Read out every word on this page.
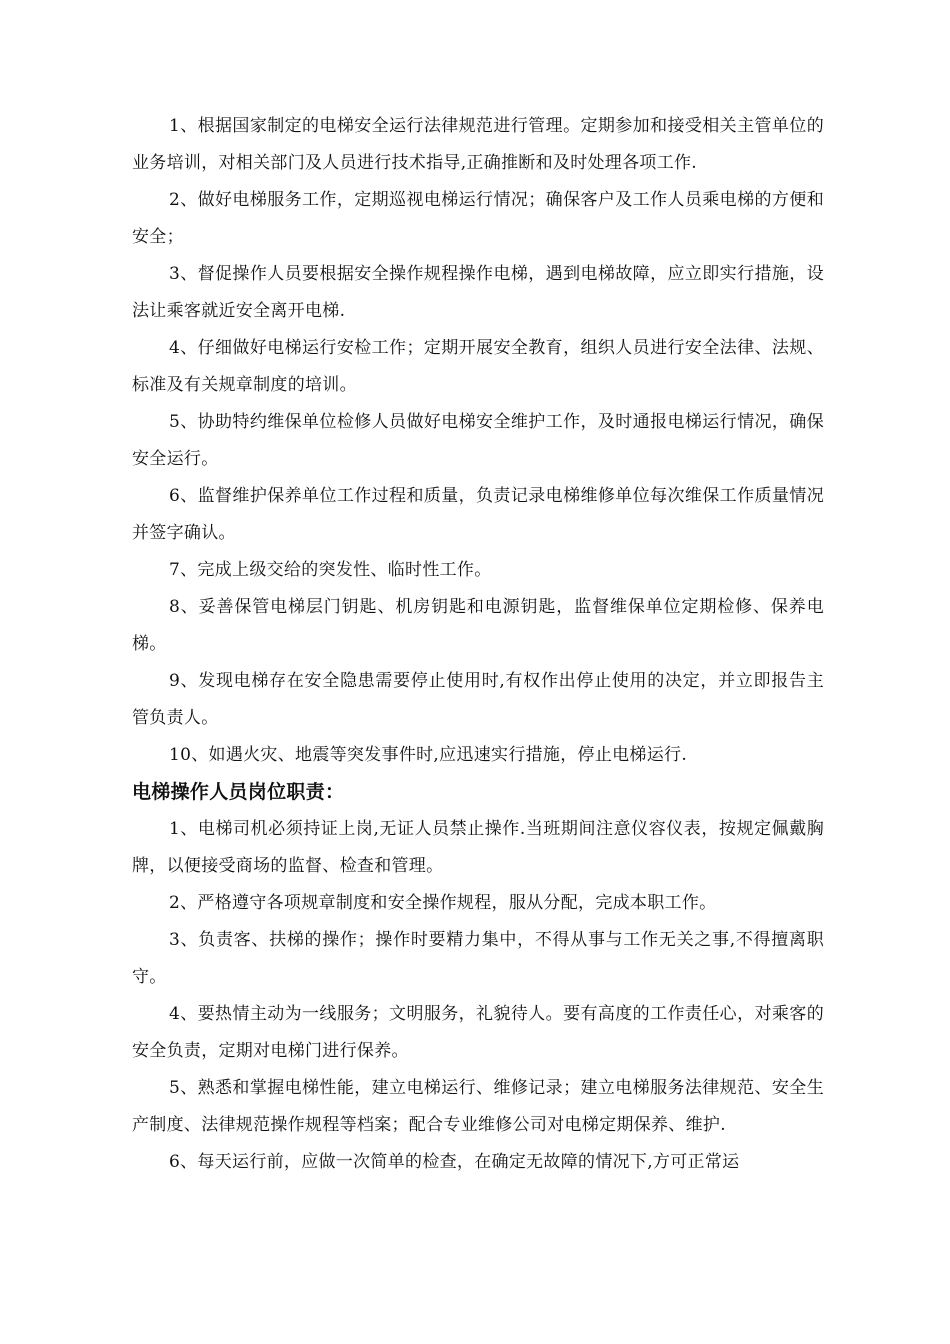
1、根据国家制定的电梯安全运行法律规范进行管理。定期参加和接受相关主管单位的业务培训，对相关部门及人员进行技术指导,正确推断和及时处理各项工作.

2、做好电梯服务工作，定期巡视电梯运行情况；确保客户及工作人员乘电梯的方便和安全；

3、督促操作人员要根据安全操作规程操作电梯，遇到电梯故障，应立即实行措施，设法让乘客就近安全离开电梯.

4、仔细做好电梯运行安检工作；定期开展安全教育，组织人员进行安全法律、法规、标准及有关规章制度的培训。

5、协助特约维保单位检修人员做好电梯安全维护工作，及时通报电梯运行情况，确保安全运行。

6、监督维护保养单位工作过程和质量，负责记录电梯维修单位每次维保工作质量情况并签字确认。

7、完成上级交给的突发性、临时性工作。

8、妥善保管电梯层门钥匙、机房钥匙和电源钥匙，监督维保单位定期检修、保养电梯。

9、发现电梯存在安全隐患需要停止使用时,有权作出停止使用的决定，并立即报告主管负责人。

10、如遇火灾、地震等突发事件时,应迅速实行措施，停止电梯运行.

电梯操作人员岗位职责：

1、电梯司机必须持证上岗,无证人员禁止操作.当班期间注意仪容仪表，按规定佩戴胸牌，以便接受商场的监督、检查和管理。

2、严格遵守各项规章制度和安全操作规程，服从分配，完成本职工作。

3、负责客、扶梯的操作；操作时要精力集中，不得从事与工作无关之事,不得擅离职守。

4、要热情主动为一线服务；文明服务，礼貌待人。要有高度的工作责任心，对乘客的安全负责，定期对电梯门进行保养。

5、熟悉和掌握电梯性能，建立电梯运行、维修记录；建立电梯服务法律规范、安全生产制度、法律规范操作规程等档案；配合专业维修公司对电梯定期保养、维护.

6、每天运行前，应做一次简单的检查，在确定无故障的情况下,方可正常运
